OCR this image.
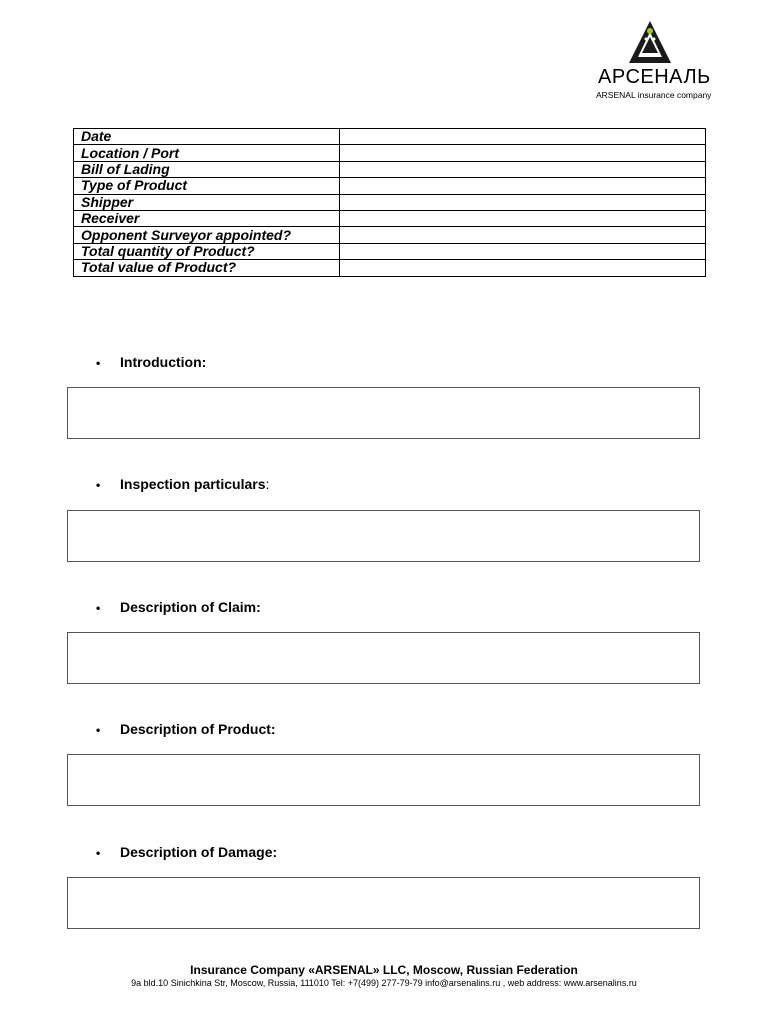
АРСЕНАЛЬ
ARSENAL insurance company
Date	
Location / Port	
Bill of Lading	
Type of Product	
Shipper	
Receiver	
Opponent Surveyor appointed?	
Total quantity of Product?	
Total value of Product?	
• Introduction:
• Inspection particulars:
• Description of Claim:
• Description of Product:
• Description of Damage:
Insurance Company «ARSENAL» LLC, Moscow, Russian Federation
9a bld.10 Sinichkina Str, Moscow, Russia, 111010 Tel: +7(499) 277-79-79 info@arsenalins.ru , web address: www.arsenalins.ru
